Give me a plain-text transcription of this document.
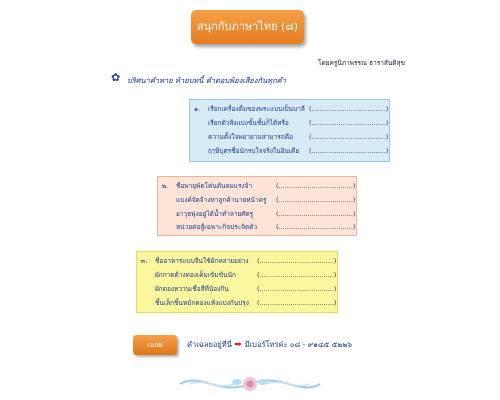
สนุกกับภาษาไทย (๘)
โดยครูนิภาพรรณ ธาราสันติสุข
✿ ปริศนาคำทาย ท้ายบทนี้ คำตอบพ้องเสียงกันทุกคำ
๑. เรียกเครื่องดื่มของพระแบบเป็นบาลี (....................................)
เรียกตัวสิ่งแบ่งขั้นชั้นก็ได้หรือ	(....................................)
ความตั้งใจพยายามสามารถคือ (....................................)
ฤๅษีบุตรชื่อนักรบใจจริงในอินเดีย (....................................)
๒. ชื่อพายุพัดโค่นต้นลมแรงจ้า	(....................................)
แบงค์จัดจ้างหาลูกค้านายหน้าครู (....................................)
อาวุธพุ่งอยู่ได้น้ำทำลายศัตรู	(....................................)
หน่วยต่อสู้เฉพาะกิจประจิตตัว	(....................................)
๓. ชื่ออาหารแบบจีนใช้ผักหลายอย่าง (....................................)
ผักกาดต้างดองเค็มเข้มข้นนัก	(....................................)
ผักดองหวานเชื่อสีที่น้องกิน	(....................................)
ชิ้นเล็กชิ้นหมักดองแห้งแบ่งกันปรุง (....................................)
เฉลย	คำเฉลยอยู่ที่นี่ ➡ มีเบอร์โทรค่ะ ๐๘ - ๙๑๔๕ ๕๒๒๖
